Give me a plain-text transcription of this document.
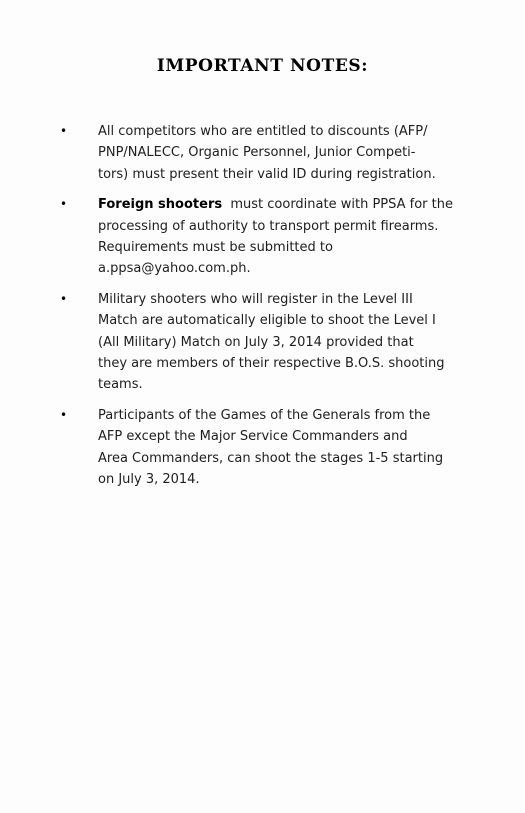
IMPORTANT NOTES:
• All competitors who are entitled to discounts (AFP/
PNP/NALECC, Organic Personnel, Junior Competi-
tors) must present their valid ID during registration.
• Foreign shooters  must coordinate with PPSA for the
processing of authority to transport permit firearms.
Requirements must be submitted to
a.ppsa@yahoo.com.ph.
• Military shooters who will register in the Level III
Match are automatically eligible to shoot the Level I
(All Military) Match on July 3, 2014 provided that
they are members of their respective B.O.S. shooting
teams.
• Participants of the Games of the Generals from the
AFP except the Major Service Commanders and
Area Commanders, can shoot the stages 1-5 starting
on July 3, 2014.
